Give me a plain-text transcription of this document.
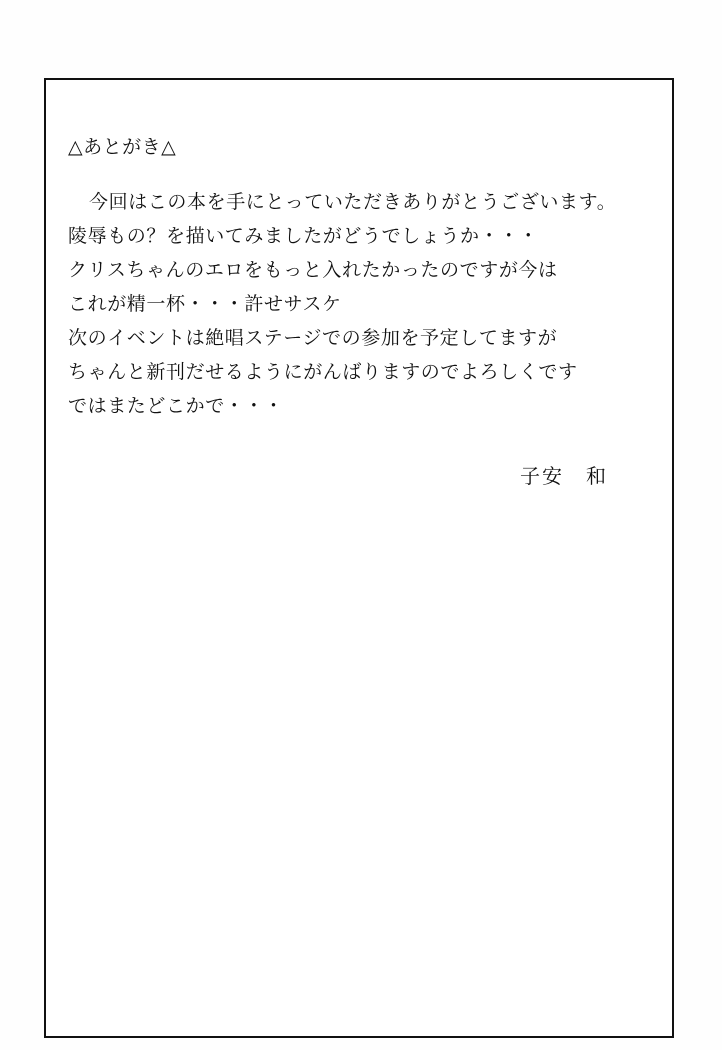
△あとがき△

今回はこの本を手にとっていただきありがとうございます。

陵辱もの？を描いてみましたがどうでしょうか・・・

クリスちゃんのエロをもっと入れたかったのですが今は

これが精一杯・・・許せサスケ

次のイベントは絶唱ステージでの参加を予定してますが

ちゃんと新刊だせるようにがんばりますのでよろしくです

ではまたどこかで・・・

子安　和
